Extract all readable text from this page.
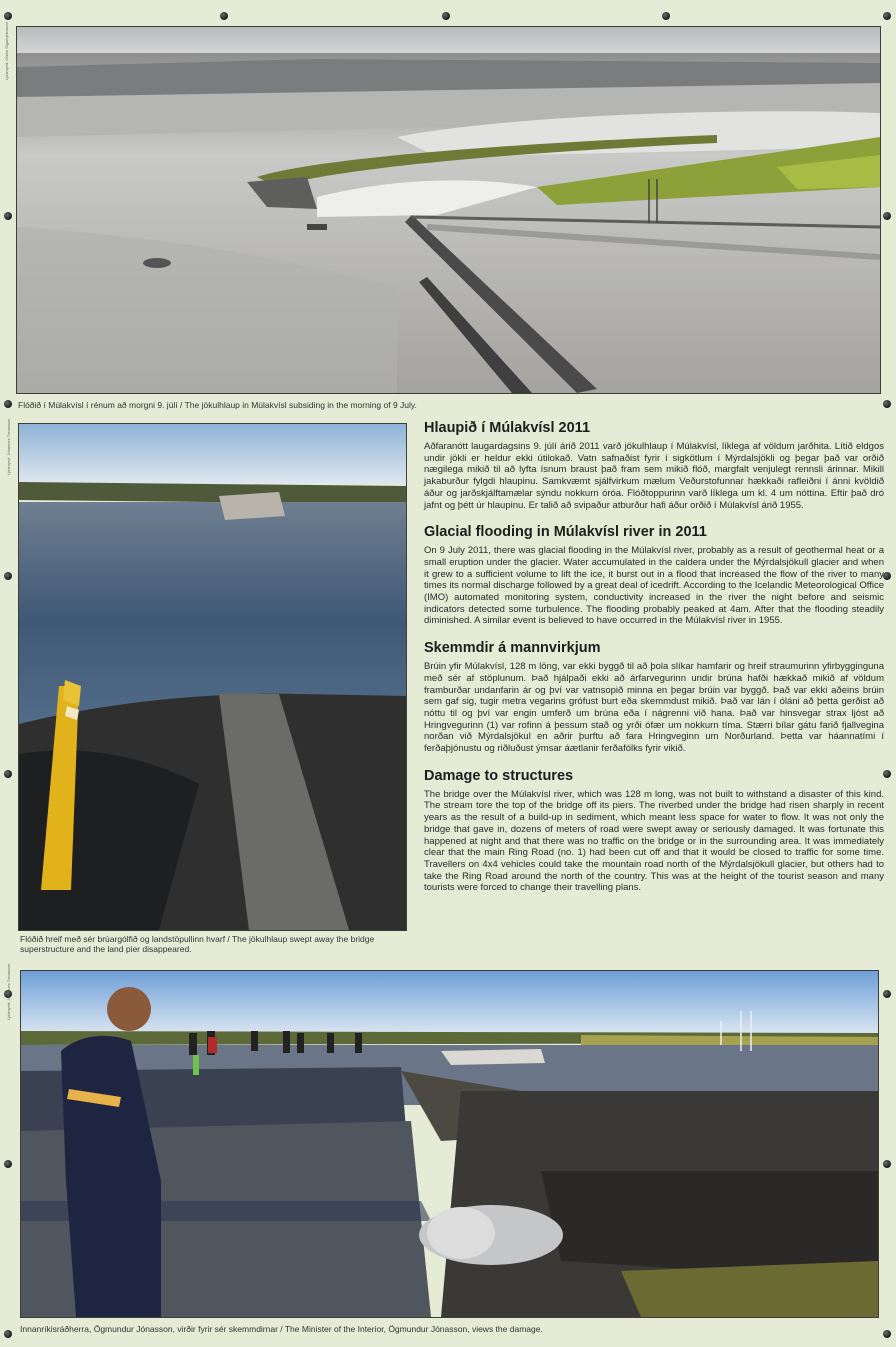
Ljósmynd: Óðinn Sigurbjörnsson
Flóðið í Múlakvísl í rénum að morgni 9. júlí / The jökulhlaup in Múlakvísl subsiding in the morning of 9 July.
Ljósmynd: Jóhannes Tómasson
Flóðið hreif með sér brúargólfið og landstöpullinn hvarf / The jökulhlaup swept away the bridge superstructure and the land pier disappeared.
Hlaupið í Múlakvísl 2011

Aðfaranótt laugardagsins 9. júlí árið 2011 varð jökulhlaup í Múlakvísl, líklega af völdum jarðhita. Lítið eldgos undir jökli er heldur ekki útilokað. Vatn safnaðist fyrir í sigkötlum í Mýrdalsjökli og þegar það var orðið nægilega mikið til að lyfta ísnum braust það fram sem mikið flóð, margfalt venjulegt rennsli árinnar. Mikill jakaburður fylgdi hlaupinu. Samkvæmt sjálfvirkum mælum Veðurstofunnar hækkaði rafleiðni í ánni kvöldið áður og jarðskjálftamælar sýndu nokkurn óróa. Flóðtoppurinn varð líklega um kl. 4 um nóttina. Eftir það dró jafnt og þétt úr hlaupinu. Er talið að svipaður atburður hafi áður orðið í Múlakvísl árið 1955.

Glacial flooding in Múlakvísl river in 2011

On 9 July 2011, there was glacial flooding in the Múlakvísl river, probably as a result of geothermal heat or a small eruption under the glacier. Water accumulated in the caldera under the Mýrdalsjökull glacier and when it grew to a sufficient volume to lift the ice, it burst out in a flood that increased the flow of the river to many times its normal discharge followed by a great deal of icedrift. According to the Icelandic Meteorological Office (IMO) automated monitoring system, conductivity increased in the river the night before and seismic indicators detected some turbulence. The flooding probably peaked at 4am. After that the flooding steadily diminished. A similar event is believed to have occurred in the Múlakvísl river in 1955.

Skemmdir á mannvirkjum

Brúin yfir Múlakvísl, 128 m löng, var ekki byggð til að þola slíkar hamfarir og hreif straumurinn yfirbygginguna með sér af stöplunum. Það hjálpaði ekki að árfarvegurinn undir brúna hafði hækkað mikið af völdum framburðar undanfarin ár og því var vatnsopið minna en þegar brúin var byggð. Það var ekki aðeins brúin sem gaf sig, tugir metra vegarins grófust burt eða skemmdust mikið. Það var lán í óláni að þetta gerðist að nóttu til og því var engin umferð um brúna eða í nágrenni við hana. Það var hinsvegar strax ljóst að Hringvegurinn (1) var rofinn á þessum stað og yrði ófær um nokkurn tíma. Stærri bílar gátu farið fjallvegina norðan við Mýrdalsjökul en aðrir þurftu að fara Hringveginn um Norðurland. Þetta var háannatími í ferðaþjónustu og riðluðust ýmsar áætlanir ferðafólks fyrir vikið.

Damage to structures

The bridge over the Múlakvísl river, which was 128 m long, was not built to withstand a disaster of this kind. The stream tore the top of the bridge off its piers. The riverbed under the bridge had risen sharply in recent years as the result of a build-up in sediment, which meant less space for water to flow. It was not only the bridge that gave in, dozens of meters of road were swept away or seriously damaged. It was fortunate this happened at night and that there was no traffic on the bridge or in the surrounding area. It was immediately clear that the main Ring Road (no. 1) had been cut off and that it would be closed to traffic for some time. Travellers on 4x4 vehicles could take the mountain road north of the Mýrdalsjökull glacier, but others had to take the Ring Road around the north of the country. This was at the height of the tourist season and many tourists were forced to change their travelling plans.

Ljósmynd: Jóhannes Tómasson
Innanríkisráðherra, Ögmundur Jónasson, virðir fyrir sér skemmdirnar / The Minister of the Interior, Ögmundur Jónasson, views the damage.
